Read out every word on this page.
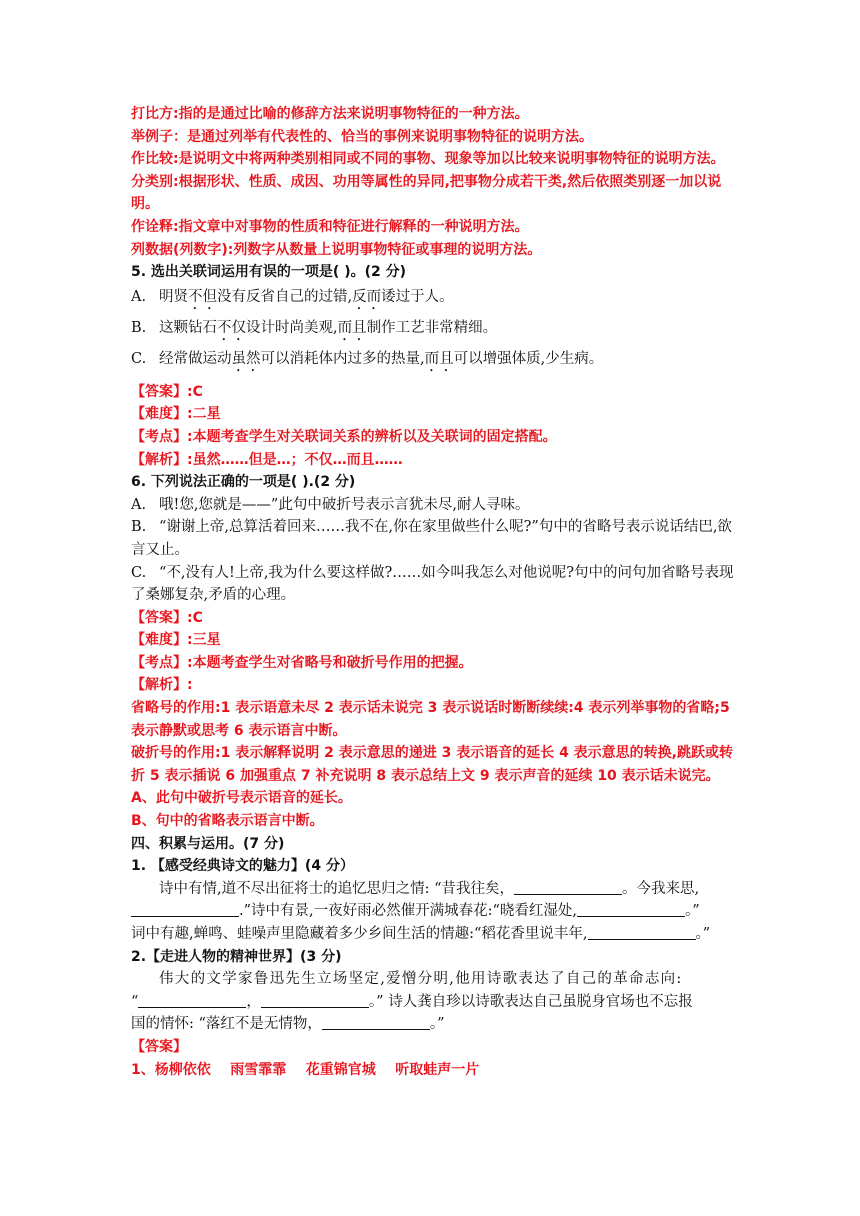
打比方:指的是通过比喻的修辞方法来说明事物特征的一种方法。
举例子：是通过列举有代表性的、恰当的事例来说明事物特征的说明方法。
作比较:是说明文中将两种类别相同或不同的事物、现象等加以比较来说明事物特征的说明方法。
分类别:根据形状、性质、成因、功用等属性的异同,把事物分成若干类,然后依照类别逐一加以说明。
作诠释:指文章中对事物的性质和特征进行解释的一种说明方法。
列数据(列数字):列数字从数量上说明事物特征或事理的说明方法。
5. 选出关联词运用有误的一项是( )。(2 分)
A. 明贤不但没有反省自己的过错,反而诿过于人。
B. 这颗钻石不仅设计时尚美观,而且制作工艺非常精细。
C. 经常做运动虽然可以消耗体内过多的热量,而且可以增强体质,少生病。
【答案】:C
【难度】:二星
【考点】:本题考查学生对关联词关系的辨析以及关联词的固定搭配。
【解析】:虽然……但是…；不仅…而且……
6. 下列说法正确的一项是( ).(2 分)
A. 哦!您,您就是——”此句中破折号表示言犹未尽,耐人寻味。
B. “谢谢上帝,总算活着回来……我不在,你在家里做些什么呢?”句中的省略号表示说话结巴,欲言又止。
C. “不,没有人!上帝,我为什么要这样做?……如今叫我怎么对他说呢?句中的问句加省略号表现了桑娜复杂,矛盾的心理。
【答案】:C
【难度】:三星
【考点】:本题考查学生对省略号和破折号作用的把握。
【解析】:
省略号的作用:1 表示语意未尽 2 表示话未说完 3 表示说话时断断续续:4 表示列举事物的省略;5 表示静默或思考 6 表示语言中断。
破折号的作用:1 表示解释说明 2 表示意思的递进 3 表示语音的延长 4 表示意思的转换,跳跃或转折 5 表示插说 6 加强重点 7 补充说明 8 表示总结上文 9 表示声音的延续 10 表示话未说完。
A、此句中破折号表示语音的延长。
B、句中的省略表示语言中断。
四、积累与运用。(7 分)
1. 【感受经典诗文的魅力】(4 分）
诗中有情,道不尽出征将士的追忆思归之情: “昔我往矣，	。今我来思,
.”诗中有景,一夜好雨必然催开满城春花:“晓看红湿处,	。”
词中有趣,蝉鸣、蛙噪声里隐藏着多少乡间生活的情趣:“稻花香里说丰年,	。”
2.【走进人物的精神世界】(3 分)
伟大的文学家鲁迅先生立场坚定,爱憎分明,他用诗歌表达了自己的革命志向:
“	，	。” 诗人龚自珍以诗歌表达自己虽脱身官场也不忘报
国的情怀: “落红不是无情物，	。”
【答案】
1、杨柳依依    雨雪霏霏    花重锦官城    听取蛙声一片
